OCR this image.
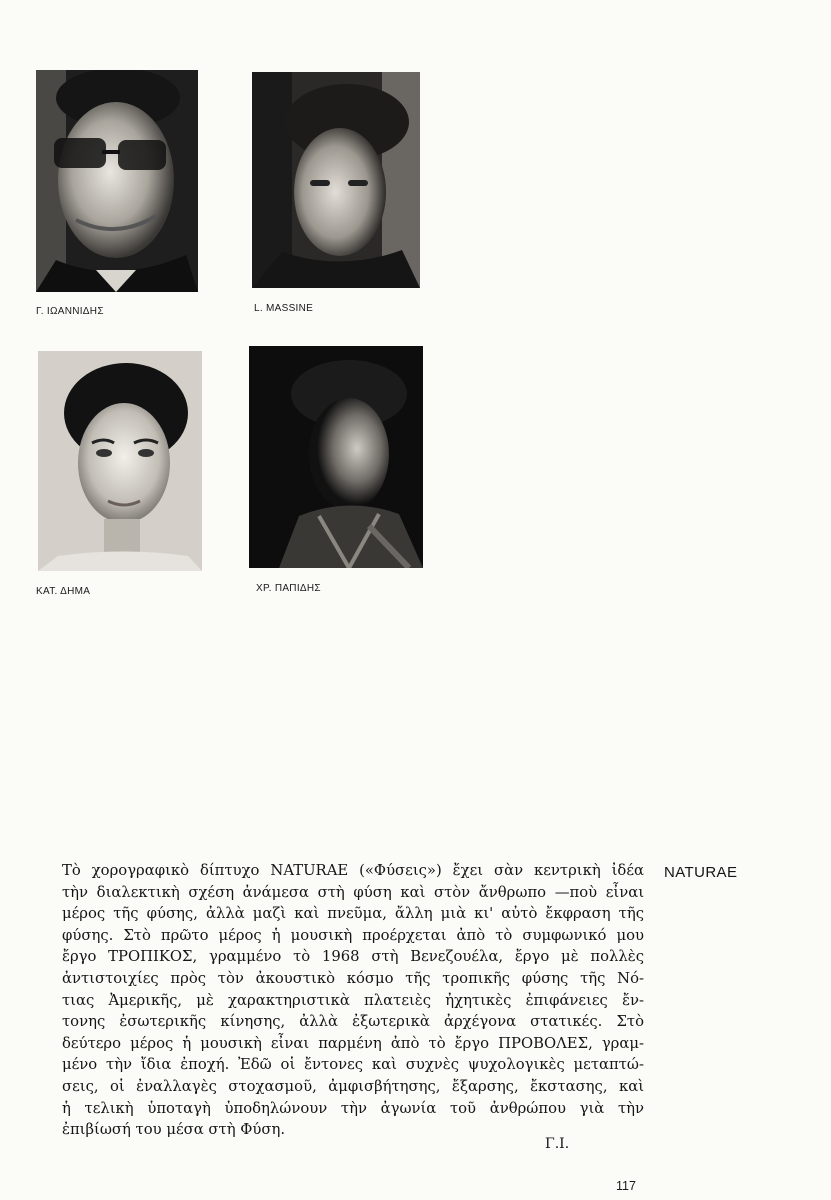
Γ. ΙΩΑΝΝΙΔΗΣ	L. MASSINE
ΚΑΤ. ΔΗΜΑ	ΧΡ. ΠΑΠΙΔΗΣ

Τὸ χορογραφικὸ δίπτυχο NATURAE («Φύσεις») ἔχει σὰν κεντρικὴ ἰδέα
τὴν διαλεκτικὴ σχέση ἀνάμεσα στὴ φύση καὶ στὸν ἄνθρωπο —ποὺ εἶναι
μέρος τῆς φύσης, ἀλλὰ μαζὶ καὶ πνεῦμα, ἄλλη μιὰ κι' αὐτὸ ἔκφραση τῆς
φύσης. Στὸ πρῶτο μέρος ἡ μουσικὴ προέρχεται ἀπὸ τὸ συμφωνικό μου
ἔργο ΤΡΟΠΙΚΟΣ, γραμμένο τὸ 1968 στὴ Βενεζουέλα, ἔργο μὲ πολλὲς
ἀντιστοιχίες πρὸς τὸν ἀκουστικὸ κόσμο τῆς τροπικῆς φύσης τῆς Νό-
τιας Ἀμερικῆς, μὲ χαρακτηριστικὰ πλατειὲς ἠχητικὲς ἐπιφάνειες ἔν-
τονης ἐσωτερικῆς κίνησης, ἀλλὰ ἐξωτερικὰ ἀρχέγονα στατικές. Στὸ
δεύτερο μέρος ἡ μουσικὴ εἶναι παρμένη ἀπὸ τὸ ἔργο ΠΡΟΒΟΛΕΣ, γραμ-
μένο τὴν ἴδια ἐποχή. Ἐδῶ οἱ ἔντονες καὶ συχνὲς ψυχολογικὲς μεταπτώ-
σεις, οἱ ἐναλλαγὲς στοχασμοῦ, ἀμφισβήτησης, ἔξαρσης, ἔκστασης, καὶ
ἡ τελικὴ ὑποταγὴ ὑποδηλώνουν τὴν ἀγωνία τοῦ ἀνθρώπου γιὰ τὴν
ἐπιβίωσή του μέσα στὴ Φύση.

NATURAE
Γ.Ι.
117
